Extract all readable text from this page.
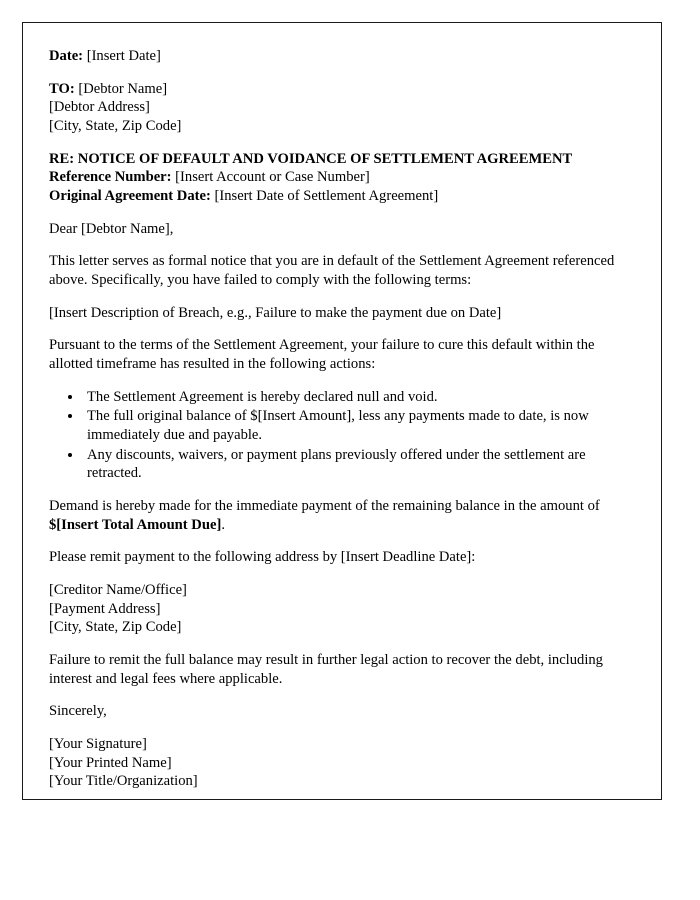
Date: [Insert Date]

TO: [Debtor Name]
[Debtor Address]
[City, State, Zip Code]
RE: NOTICE OF DEFAULT AND VOIDANCE OF SETTLEMENT AGREEMENT
Reference Number: [Insert Account or Case Number]
Original Agreement Date: [Insert Date of Settlement Agreement]

Dear [Debtor Name],

This letter serves as formal notice that you are in default of the Settlement Agreement referenced above. Specifically, you have failed to comply with the following terms:

[Insert Description of Breach, e.g., Failure to make the payment due on Date]

Pursuant to the terms of the Settlement Agreement, your failure to cure this default within the allotted timeframe has resulted in the following actions:

• The Settlement Agreement is hereby declared null and void.
• The full original balance of $[Insert Amount], less any payments made to date, is now immediately due and payable.
• Any discounts, waivers, or payment plans previously offered under the settlement are retracted.

Demand is hereby made for the immediate payment of the remaining balance in the amount of $[Insert Total Amount Due].

Please remit payment to the following address by [Insert Deadline Date]:

[Creditor Name/Office]
[Payment Address]
[City, State, Zip Code]

Failure to remit the full balance may result in further legal action to recover the debt, including interest and legal fees where applicable.

Sincerely,

[Your Signature]
[Your Printed Name]
[Your Title/Organization]
